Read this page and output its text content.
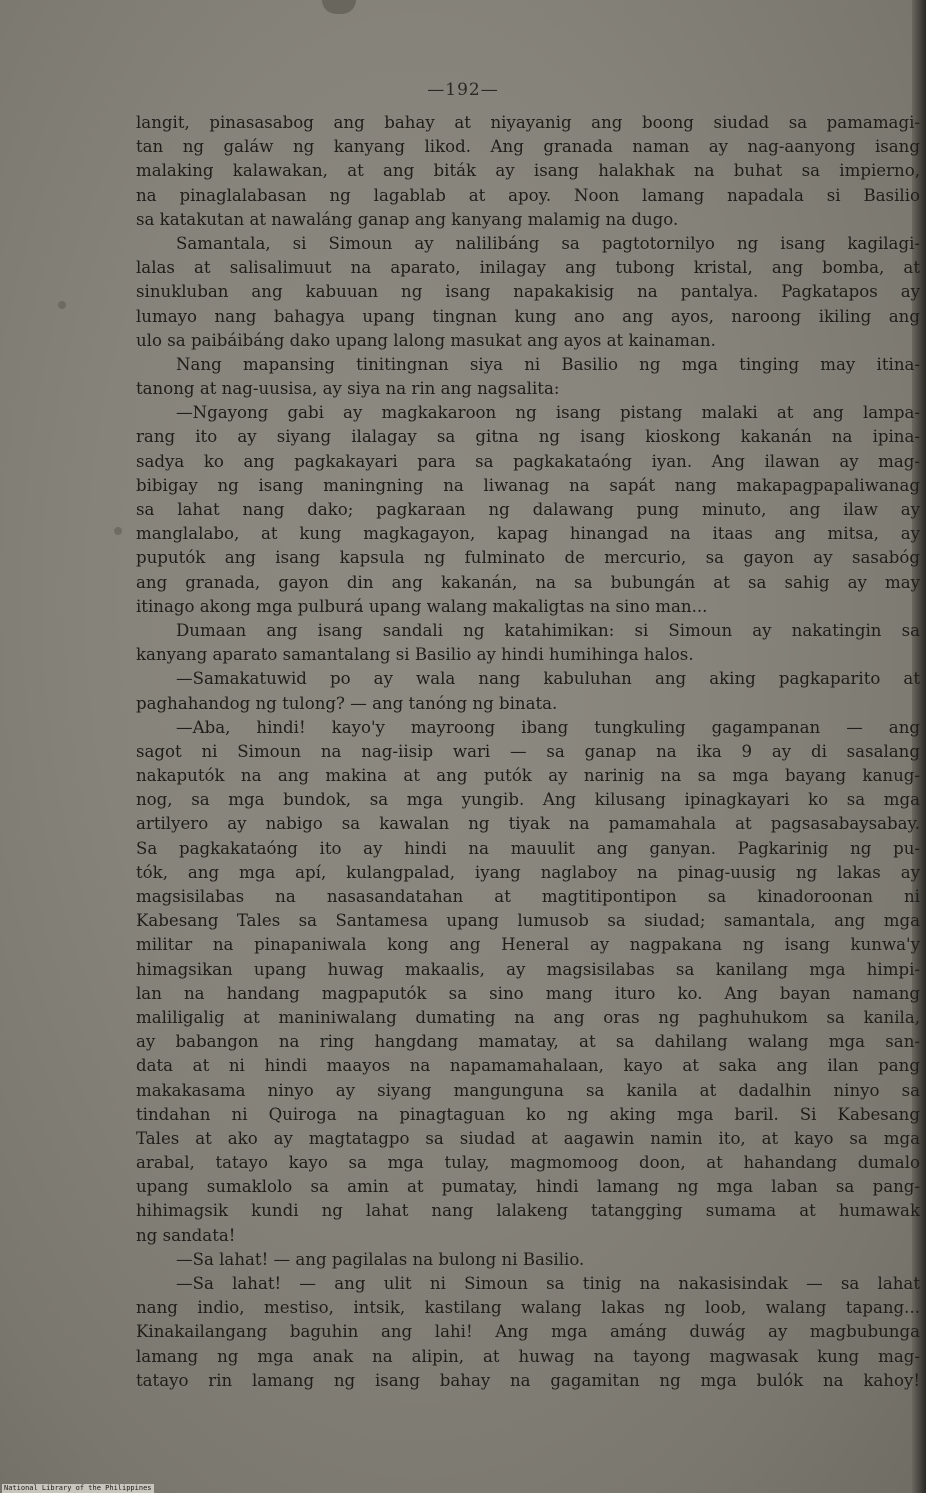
—192—
langit, pinasasabog ang bahay at niyayanig ang boong siudad sa pamamagi-
tan ng galáw ng kanyang likod. Ang granada naman ay nag-aanyong isang
malaking kalawakan, at ang biták ay isang halakhak na buhat sa impierno,
na pinaglalabasan ng lagablab at apoy. Noon lamang napadala si Basilio
sa katakutan at nawaláng ganap ang kanyang malamig na dugo.
Samantala, si Simoun ay nalilibáng sa pagtotornilyo ng isang kagilagi-
lalas at salisalimuut na aparato, inilagay ang tubong kristal, ang bomba, at
sinukluban ang kabuuan ng isang napakakisig na pantalya. Pagkatapos ay
lumayo nang bahagya upang tingnan kung ano ang ayos, naroong ikiling ang
ulo sa paibáibáng dako upang lalong masukat ang ayos at kainaman.
Nang mapansing tinitingnan siya ni Basilio ng mga tinging may itina-
tanong at nag-uusisa, ay siya na rin ang nagsalita:
—Ngayong gabi ay magkakaroon ng isang pistang malaki at ang lampa-
rang ito ay siyang ilalagay sa gitna ng isang kioskong kakanán na ipina-
sadya ko ang pagkakayari para sa pagkakataóng iyan. Ang ilawan ay mag-
bibigay ng isang maningning na liwanag na sapát nang makapagpapaliwanag
sa lahat nang dako; pagkaraan ng dalawang pung minuto, ang ilaw ay
manglalabo, at kung magkagayon, kapag hinangad na itaas ang mitsa, ay
puputók ang isang kapsula ng fulminato de mercurio, sa gayon ay sasabóg
ang granada, gayon din ang kakanán, na sa bubungán at sa sahig ay may
itinago akong mga pulburá upang walang makaligtas na sino man...
Dumaan ang isang sandali ng katahimikan: si Simoun ay nakatingin sa
kanyang aparato samantalang si Basilio ay hindi humihinga halos.
—Samakatuwid po ay wala nang kabuluhan ang aking pagkaparito at
paghahandog ng tulong? — ang tanóng ng binata.
—Aba, hindi! kayo'y mayroong ibang tungkuling gagampanan — ang
sagot ni Simoun na nag-iisip wari — sa ganap na ika 9 ay di sasalang
nakaputók na ang makina at ang putók ay narinig na sa mga bayang kanug-
nog, sa mga bundok, sa mga yungib. Ang kilusang ipinagkayari ko sa mga
artilyero ay nabigo sa kawalan ng tiyak na pamamahala at pagsasabaysabay.
Sa pagkakataóng ito ay hindi na mauulit ang ganyan. Pagkarinig ng pu-
tók, ang mga apí, kulangpalad, iyang naglaboy na pinag-uusig ng lakas ay
magsisilabas na nasasandatahan at magtitipontipon sa kinadoroonan ni
Kabesang Tales sa Santamesa upang lumusob sa siudad; samantala, ang mga
militar na pinapaniwala kong ang Heneral ay nagpakana ng isang kunwa'y
himagsikan upang huwag makaalis, ay magsisilabas sa kanilang mga himpi-
lan na handang magpaputók sa sino mang ituro ko. Ang bayan namang
maliligalig at maniniwalang dumating na ang oras ng paghuhukom sa kanila,
ay babangon na ring hangdang mamatay, at sa dahilang walang mga san-
data at ni hindi maayos na napamamahalaan, kayo at saka ang ilan pang
makakasama ninyo ay siyang mangunguna sa kanila at dadalhin ninyo sa
tindahan ni Quiroga na pinagtaguan ko ng aking mga baril. Si Kabesang
Tales at ako ay magtatagpo sa siudad at aagawin namin ito, at kayo sa mga
arabal, tatayo kayo sa mga tulay, magmomoog doon, at hahandang dumalo
upang sumaklolo sa amin at pumatay, hindi lamang ng mga laban sa pang-
hihimagsik kundi ng lahat nang lalakeng tatangging sumama at humawak
ng sandata!
—Sa lahat! — ang pagilalas na bulong ni Basilio.
—Sa lahat! — ang ulit ni Simoun sa tinig na nakasisindak — sa lahat
nang indio, mestiso, intsik, kastilang walang lakas ng loob, walang tapang...
Kinakailangang baguhin ang lahi! Ang mga amáng duwág ay magbubunga
lamang ng mga anak na alipin, at huwag na tayong magwasak kung mag-
tatayo rin lamang ng isang bahay na gagamitan ng mga bulók na kahoy!
National Library of the Philippines
